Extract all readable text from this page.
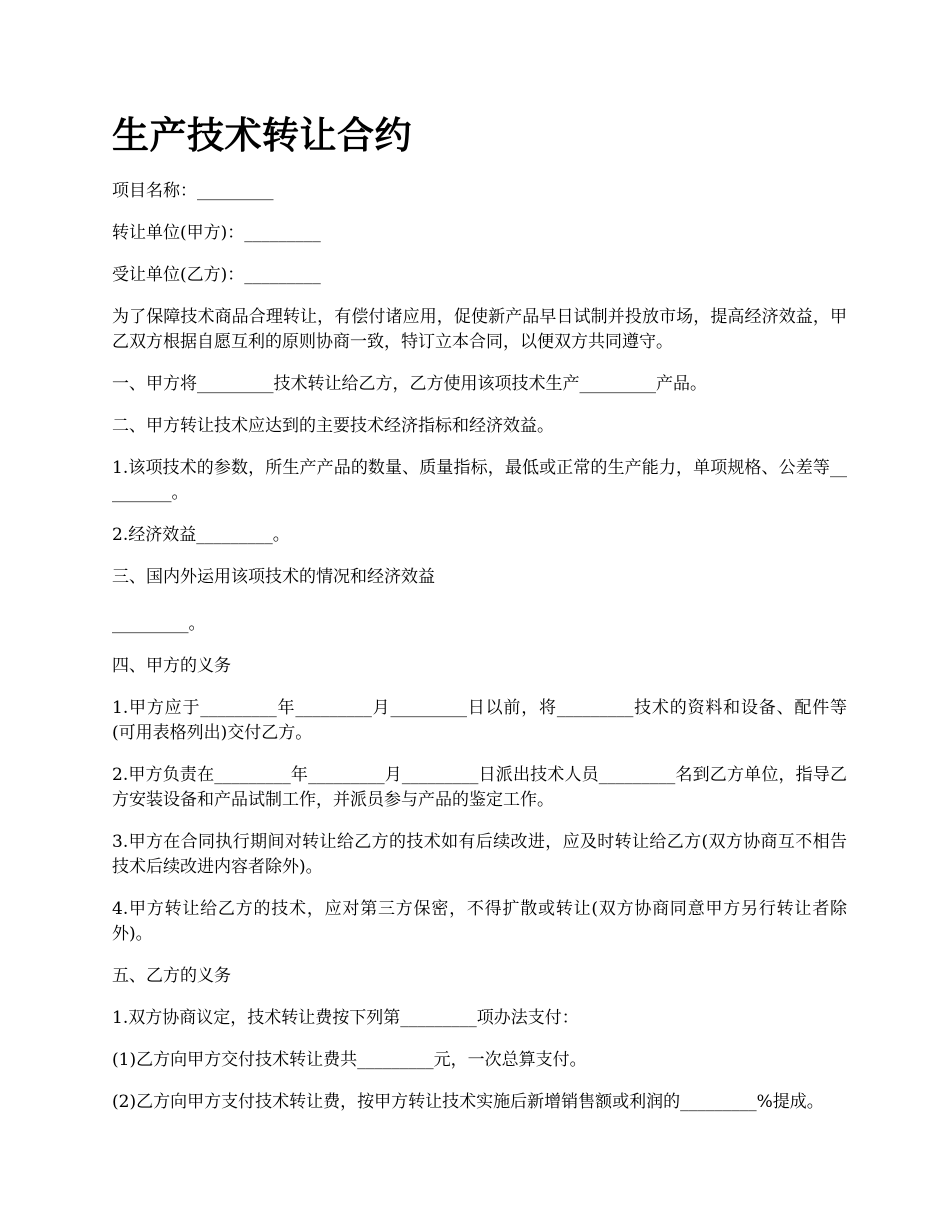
生产技术转让合约

项目名称：_________

转让单位(甲方)：_________

受让单位(乙方)：_________

为了保障技术商品合理转让，有偿付诸应用，促使新产品早日试制并投放市场，提高经济效益，甲乙双方根据自愿互利的原则协商一致，特订立本合同，以便双方共同遵守。

一、甲方将_________技术转让给乙方，乙方使用该项技术生产_________产品。

二、甲方转让技术应达到的主要技术经济指标和经济效益。

1.该项技术的参数，所生产产品的数量、质量指标，最低或正常的生产能力，单项规格、公差等_________。

2.经济效益_________。

三、国内外运用该项技术的情况和经济效益

_________。

四、甲方的义务

1.甲方应于_________年_________月_________日以前，将_________技术的资料和设备、配件等(可用表格列出)交付乙方。

2.甲方负责在_________年_________月_________日派出技术人员_________名到乙方单位，指导乙方安装设备和产品试制工作，并派员参与产品的鉴定工作。

3.甲方在合同执行期间对转让给乙方的技术如有后续改进，应及时转让给乙方(双方协商互不相告技术后续改进内容者除外)。

4.甲方转让给乙方的技术，应对第三方保密，不得扩散或转让(双方协商同意甲方另行转让者除外)。

五、乙方的义务

1.双方协商议定，技术转让费按下列第_________项办法支付：

(1)乙方向甲方交付技术转让费共_________元，一次总算支付。

(2)乙方向甲方支付技术转让费，按甲方转让技术实施后新增销售额或利润的_________%提成。
